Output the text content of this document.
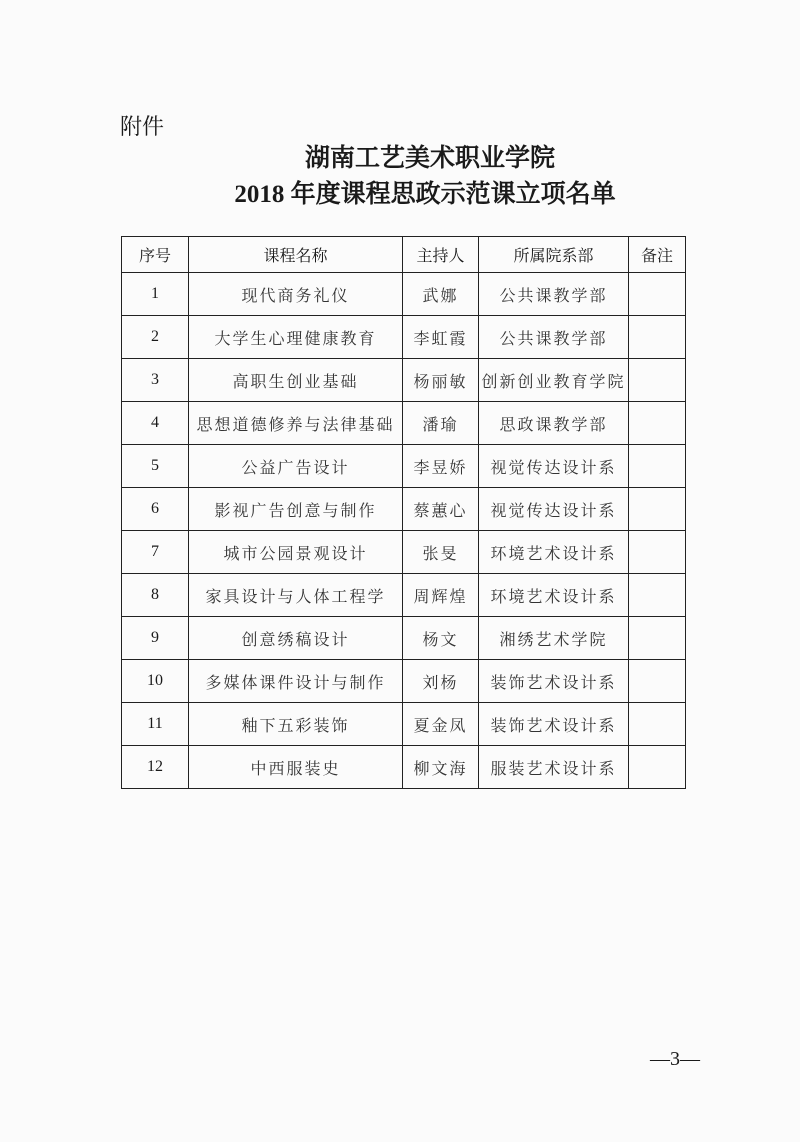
附件
湖南工艺美术职业学院
2018 年度课程思政示范课立项名单
序号	课程名称	主持人	所属院系部	备注
1	现代商务礼仪	武娜	公共课教学部	
2	大学生心理健康教育	李虹霞	公共课教学部	
3	高职生创业基础	杨丽敏	创新创业教育学院	
4	思想道德修养与法律基础	潘瑜	思政课教学部	
5	公益广告设计	李昱娇	视觉传达设计系	
6	影视广告创意与制作	蔡蕙心	视觉传达设计系	
7	城市公园景观设计	张旻	环境艺术设计系	
8	家具设计与人体工程学	周辉煌	环境艺术设计系	
9	创意绣稿设计	杨文	湘绣艺术学院	
10	多媒体课件设计与制作	刘杨	装饰艺术设计系	
11	釉下五彩装饰	夏金凤	装饰艺术设计系	
12	中西服装史	柳文海	服装艺术设计系	
—3—
